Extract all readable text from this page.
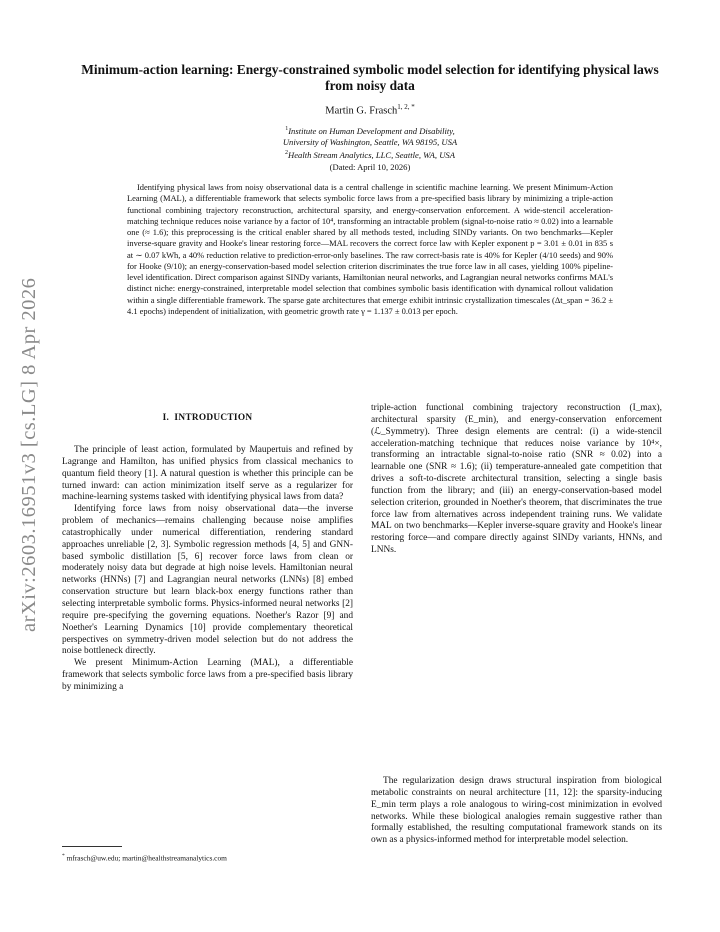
arXiv:2603.16951v3 [cs.LG] 8 Apr 2026
Minimum-action learning: Energy-constrained symbolic model selection for identifying physical laws from noisy data
Martin G. Frasch$^{1, 2, *}$
$^1$Institute on Human Development and Disability,
University of Washington, Seattle, WA 98195, USA
$^2$Health Stream Analytics, LLC, Seattle, WA, USA
(Dated: April 10, 2026)
Identifying physical laws from noisy observational data is a central challenge in scientific machine learning. We present Minimum-Action Learning (MAL), a differentiable framework that selects symbolic force laws from a pre-specified basis library by minimizing a triple-action functional combining trajectory reconstruction, architectural sparsity, and energy-conservation enforcement. A wide-stencil acceleration-matching technique reduces noise variance by a factor of 10⁴, transforming an intractable problem (signal-to-noise ratio ≈ 0.02) into a learnable one (≈ 1.6); this preprocessing is the critical enabler shared by all methods tested, including SINDy variants. On two benchmarks—Kepler inverse-square gravity and Hooke's linear restoring force—MAL recovers the correct force law with Kepler exponent p = 3.01 ± 0.01 in 835 s at ∼ 0.07 kWh, a 40% reduction relative to prediction-error-only baselines. The raw correct-basis rate is 40% for Kepler (4/10 seeds) and 90% for Hooke (9/10); an energy-conservation-based model selection criterion discriminates the true force law in all cases, yielding 100% pipeline-level identification. Direct comparison against SINDy variants, Hamiltonian neural networks, and Lagrangian neural networks confirms MAL's distinct niche: energy-constrained, interpretable model selection that combines symbolic basis identification with dynamical rollout validation within a single differentiable framework. The sparse gate architectures that emerge exhibit intrinsic crystallization timescales (Δt_span = 36.2 ± 4.1 epochs) independent of initialization, with geometric growth rate γ = 1.137 ± 0.013 per epoch.
I. INTRODUCTION

The principle of least action, formulated by Maupertuis and refined by Lagrange and Hamilton, has unified physics from classical mechanics to quantum field theory [1]. A natural question is whether this principle can be turned inward: can action minimization itself serve as a regularizer for machine-learning systems tasked with identifying physical laws from data?

Identifying force laws from noisy observational data—the inverse problem of mechanics—remains challenging because noise amplifies catastrophically under numerical differentiation, rendering standard approaches unreliable [2, 3]. Symbolic regression methods [4, 5] and GNN-based symbolic distillation [5, 6] recover force laws from clean or moderately noisy data but degrade at high noise levels. Hamiltonian neural networks (HNNs) [7] and Lagrangian neural networks (LNNs) [8] embed conservation structure but learn black-box energy functions rather than selecting interpretable symbolic forms. Physics-informed neural networks [2] require pre-specifying the governing equations. Noether's Razor [9] and Noether's Learning Dynamics [10] provide complementary theoretical perspectives on symmetry-driven model selection but do not address the noise bottleneck directly.

We present Minimum-Action Learning (MAL), a differentiable framework that selects symbolic force laws from a pre-specified basis library by minimizing a

triple-action functional combining trajectory reconstruction (I_max), architectural sparsity (E_min), and energy-conservation enforcement (ℒ_Symmetry). Three design elements are central: (i) a wide-stencil acceleration-matching technique that reduces noise variance by 10⁴×, transforming an intractable signal-to-noise ratio (SNR ≈ 0.02) into a learnable one (SNR ≈ 1.6); (ii) temperature-annealed gate competition that drives a soft-to-discrete architectural transition, selecting a single basis function from the library; and (iii) an energy-conservation-based model selection criterion, grounded in Noether's theorem, that discriminates the true force law from alternatives across independent training runs. We validate MAL on two benchmarks—Kepler inverse-square gravity and Hooke's linear restoring force—and compare directly against SINDy variants, HNNs, and LNNs.

The regularization design draws structural inspiration from biological metabolic constraints on neural architecture [11, 12]: the sparsity-inducing E_min term plays a role analogous to wiring-cost minimization in evolved networks. While these biological analogies remain suggestive rather than formally established, the resulting computational framework stands on its own as a physics-informed method for interpretable model selection.

* mfrasch@uw.edu; martin@healthstreamanalytics.com
